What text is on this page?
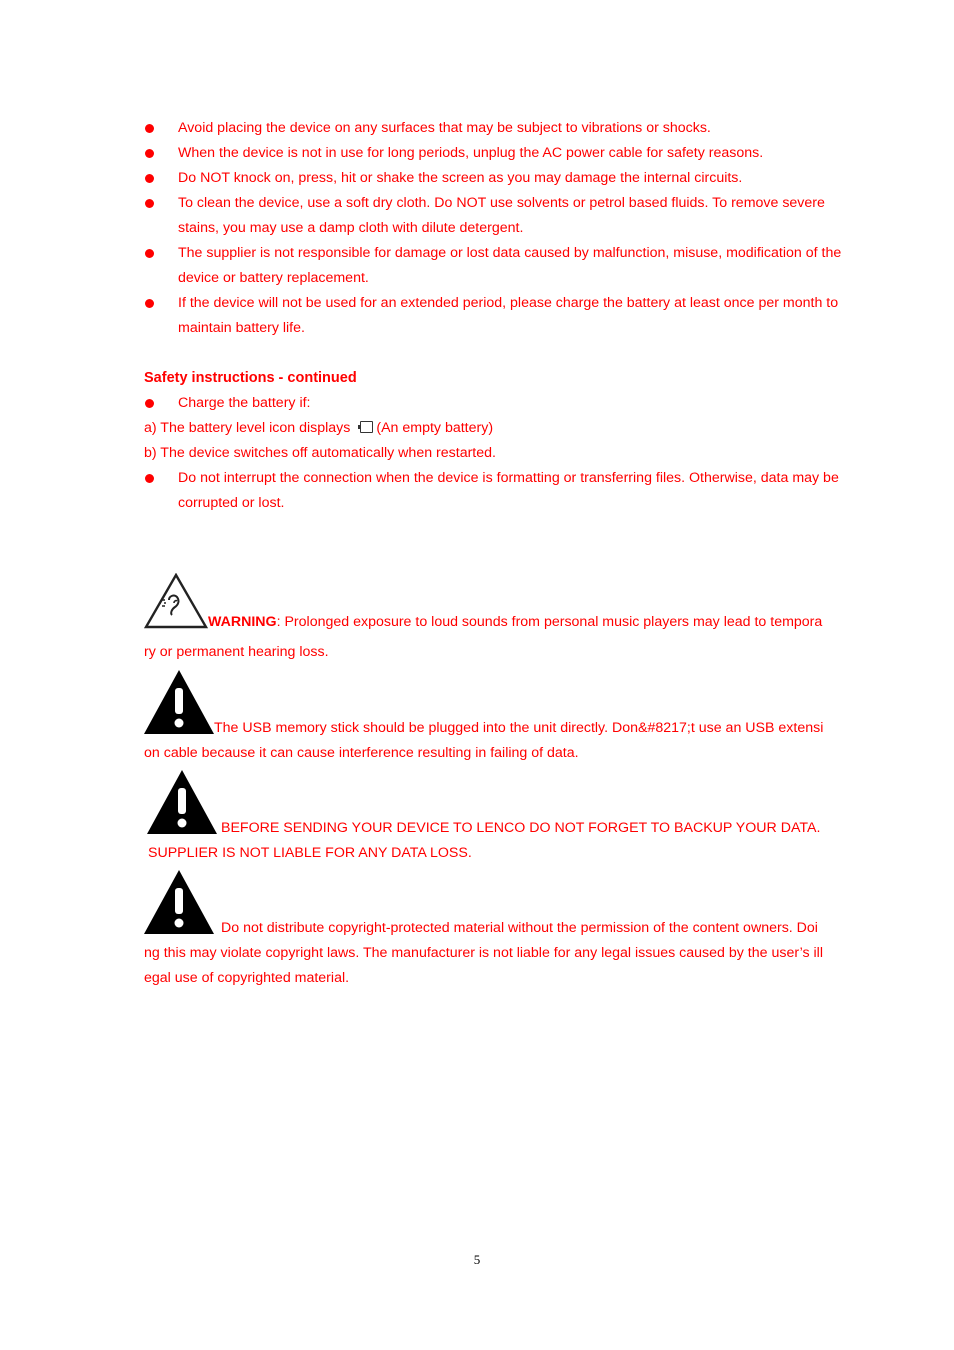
Avoid placing the device on any surfaces that may be subject to vibrations or shocks.
When the device is not in use for long periods, unplug the AC power cable for safety reasons.
Do NOT knock on, press, hit or shake the screen as you may damage the internal circuits.
To clean the device, use a soft dry cloth. Do NOT use solvents or petrol based fluids. To remove severe stains, you may use a damp cloth with dilute detergent.
The supplier is not responsible for damage or lost data caused by malfunction, misuse, modification of the device or battery replacement.
If the device will not be used for an extended period, please charge the battery at least once per month to maintain battery life.
Safety instructions - continued
Charge the battery if:
a) The battery level icon displays (An empty battery)
b) The device switches off automatically when restarted.
Do not interrupt the connection when the device is formatting or transferring files. Otherwise, data may be corrupted or lost.
WARNING: Prolonged exposure to loud sounds from personal music players may lead to tempora
ry or permanent hearing loss.
The USB memory stick should be plugged into the unit directly. Don&#8217;t use an USB extensi
on cable because it can cause interference resulting in failing of data.
BEFORE SENDING YOUR DEVICE TO LENCO DO NOT FORGET TO BACKUP YOUR DATA.
SUPPLIER IS NOT LIABLE FOR ANY DATA LOSS.
Do not distribute copyright-protected material without the permission of the content owners. Doi
ng this may violate copyright laws. The manufacturer is not liable for any legal issues caused by the user’s ill
egal use of copyrighted material.
5
